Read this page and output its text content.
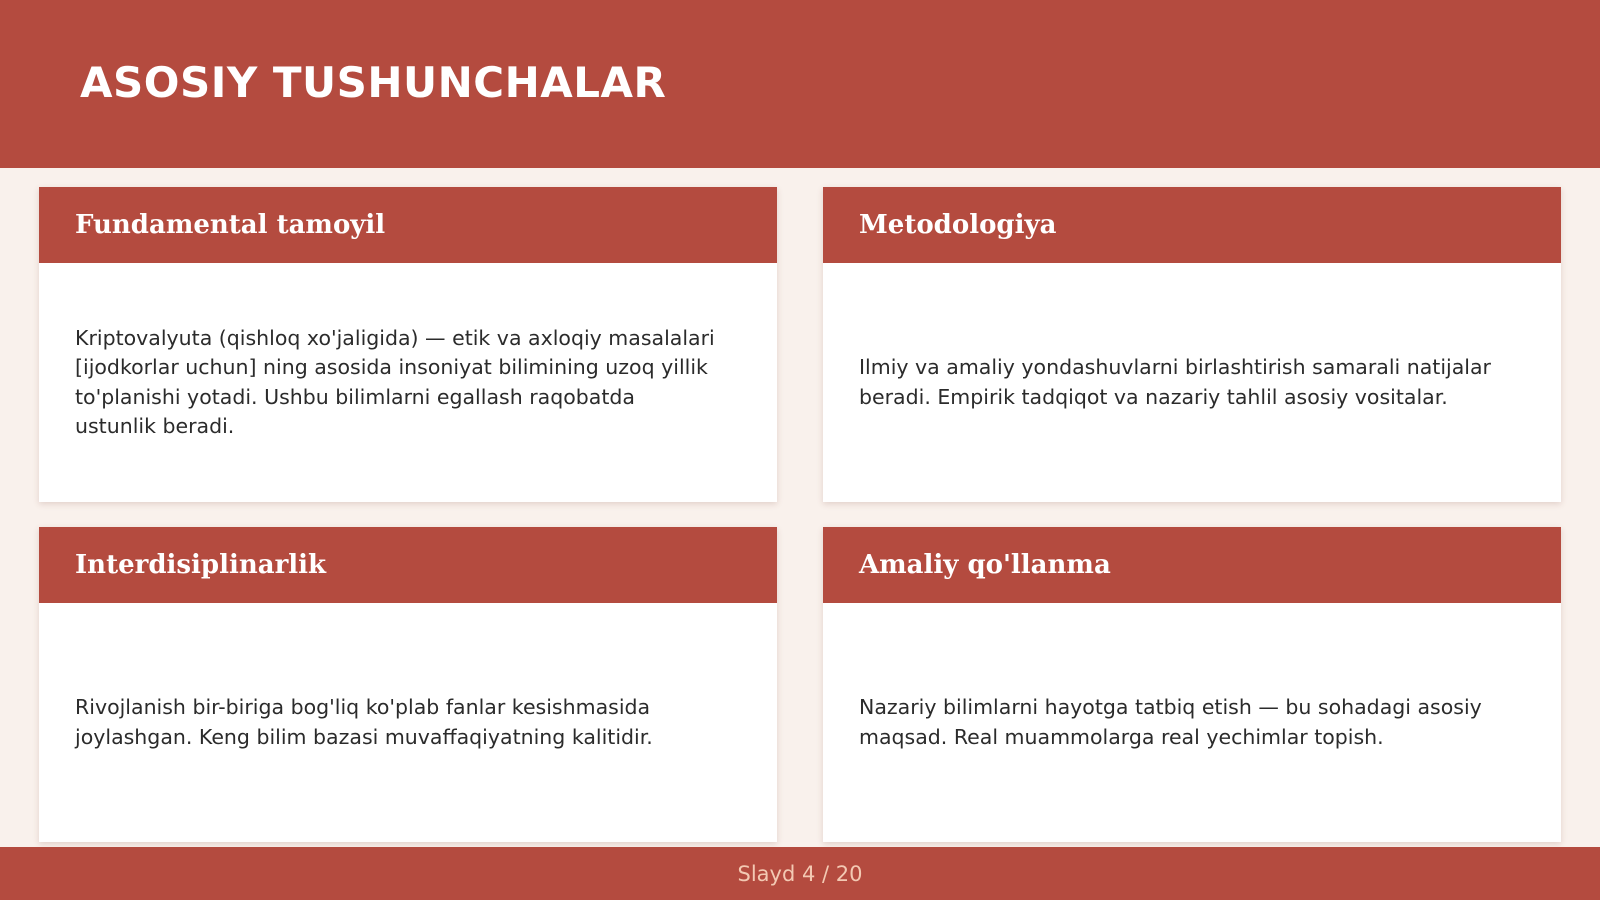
ASOSIY TUSHUNCHALAR
Fundamental tamoyil

Kriptovalyuta (qishloq xo'jaligida) — etik va axloqiy masalalari [ijodkorlar uchun] ning asosida insoniyat bilimining uzoq yillik to'planishi yotadi. Ushbu bilimlarni egallash raqobatda ustunlik beradi.

Metodologiya

Ilmiy va amaliy yondashuvlarni birlashtirish samarali natijalar beradi. Empirik tadqiqot va nazariy tahlil asosiy vositalar.

Interdisiplinarlik

Rivojlanish bir-biriga bog'liq ko'plab fanlar kesishmasida joylashgan. Keng bilim bazasi muvaffaqiyatning kalitidir.

Amaliy qo'llanma

Nazariy bilimlarni hayotga tatbiq etish — bu sohadagi asosiy maqsad. Real muammolarga real yechimlar topish.

Slayd 4 / 20
